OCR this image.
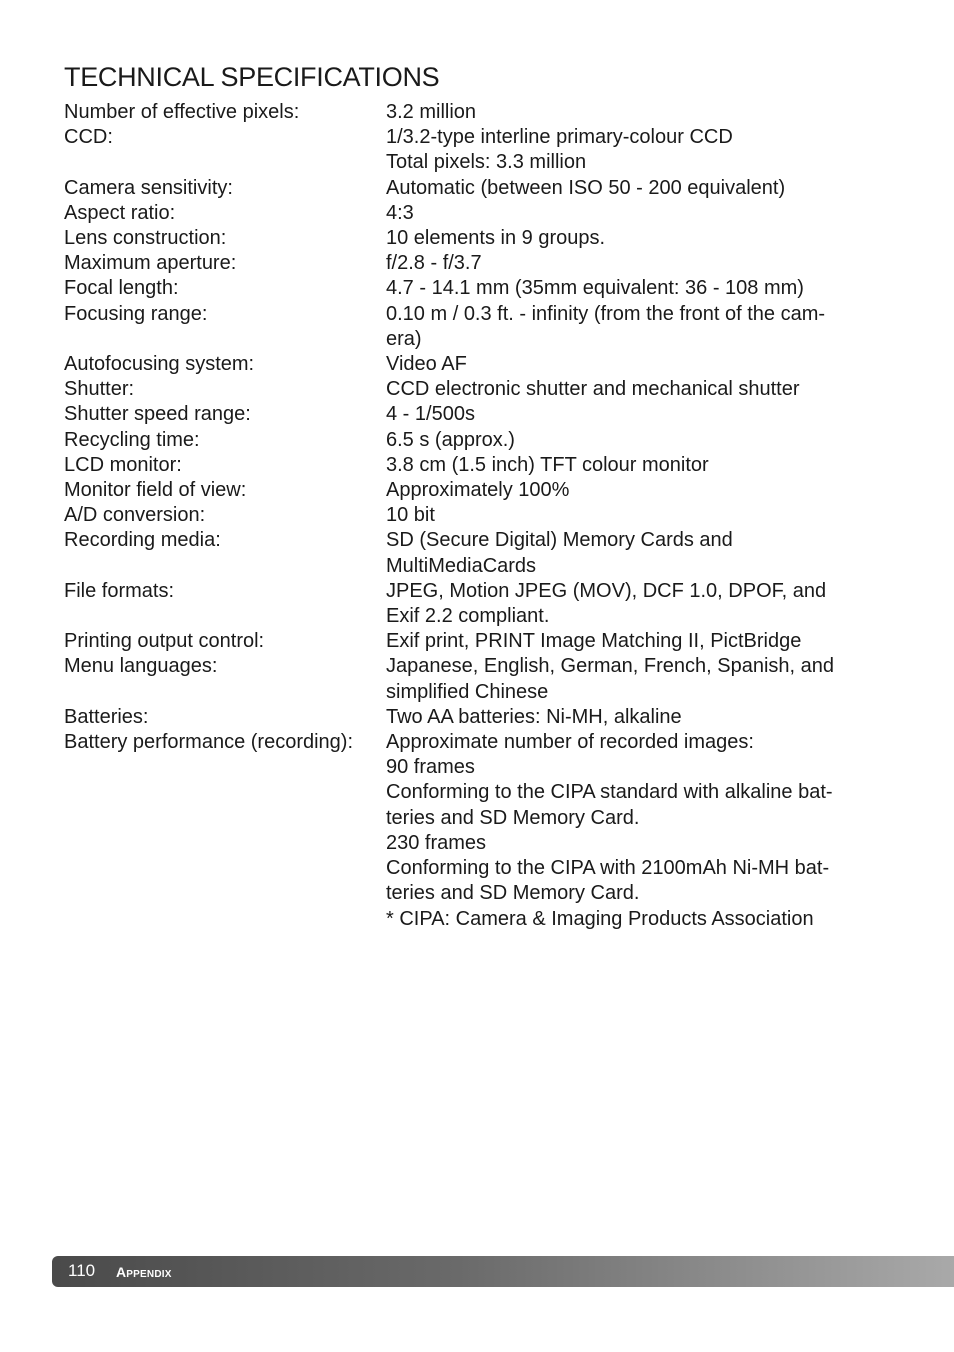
TECHNICAL SPECIFICATIONS
Number of effective pixels:	3.2 million
CCD:	1/3.2-type interline primary-colour CCD
Total pixels: 3.3 million
Camera sensitivity:	Automatic (between ISO 50 - 200 equivalent)
Aspect ratio:	4:3
Lens construction:	10 elements in 9 groups.
Maximum aperture:	f/2.8 - f/3.7
Focal length:	4.7 - 14.1 mm (35mm equivalent: 36 - 108 mm)
Focusing range:	0.10 m / 0.3 ft. - infinity (from the front of the cam-
era)
Autofocusing system:	Video AF
Shutter:	CCD electronic shutter and mechanical shutter
Shutter speed range:	4 - 1/500s
Recycling time:	6.5 s (approx.)
LCD monitor:	3.8 cm (1.5 inch) TFT colour monitor
Monitor field of view:	Approximately 100%
A/D conversion:	10 bit
Recording media:	SD (Secure Digital) Memory Cards and
MultiMediaCards
File formats:	JPEG, Motion JPEG (MOV), DCF 1.0, DPOF, and
Exif 2.2 compliant.
Printing output control:	Exif print, PRINT Image Matching II, PictBridge
Menu languages:	Japanese, English, German, French, Spanish, and
simplified Chinese
Batteries:	Two AA batteries: Ni-MH, alkaline
Battery performance (recording):	Approximate number of recorded images:
90 frames
Conforming to the CIPA standard with alkaline bat-
teries and SD Memory Card.
230 frames
Conforming to the CIPA with 2100mAh Ni-MH bat-
teries and SD Memory Card.
* CIPA: Camera & Imaging Products Association
110 Appendix
